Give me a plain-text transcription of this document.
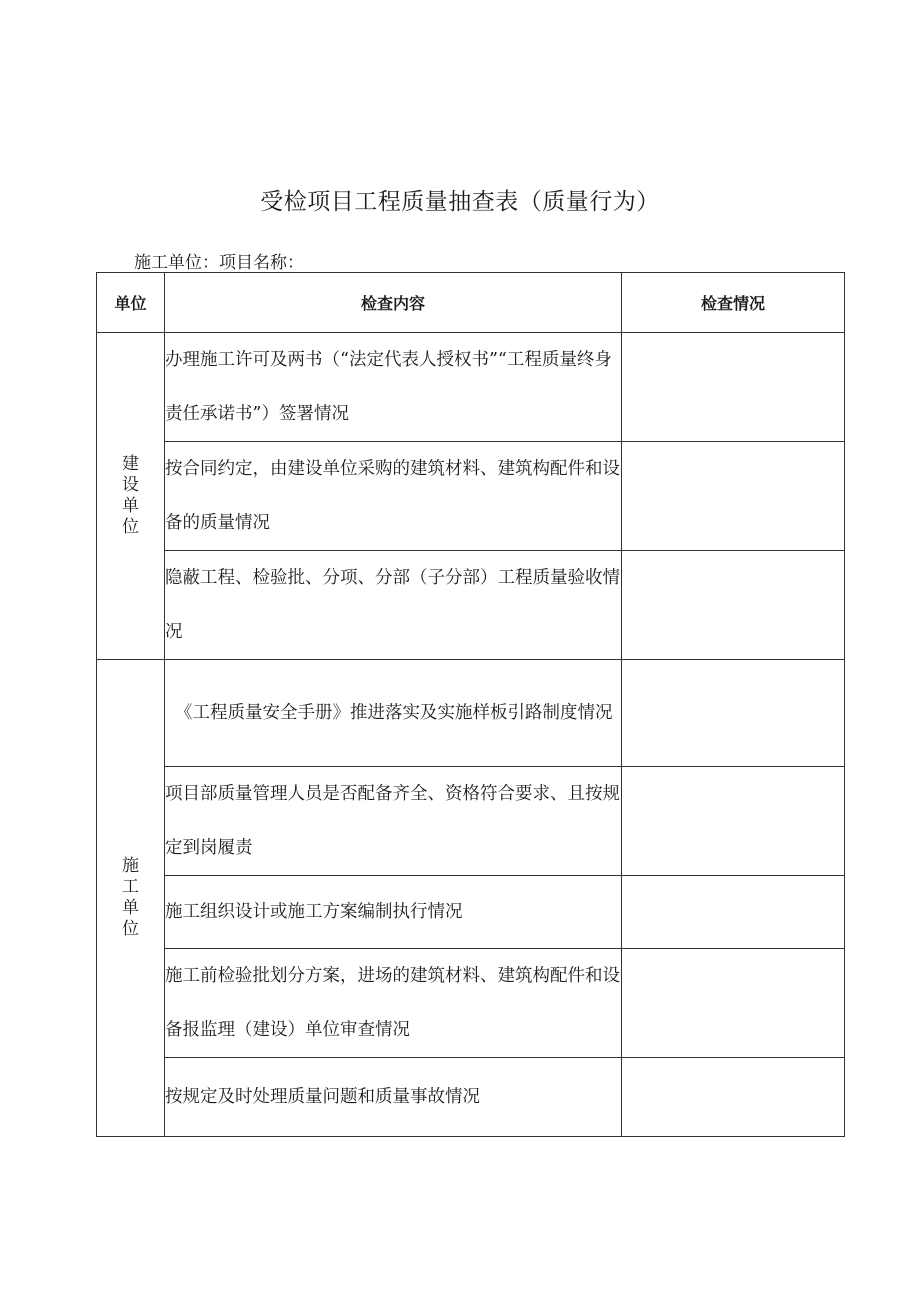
受检项目工程质量抽查表（质量行为）
施工单位：项目名称：
单位	检查内容	检查情况
建设单位	办理施工许可及两书（“法定代表人授权书”“工程质量终身责任承诺书”）签署情况	
	按合同约定，由建设单位采购的建筑材料、建筑构配件和设备的质量情况	
	隐蔽工程、检验批、分项、分部（子分部）工程质量验收情况	
施工单位	《工程质量安全手册》推进落实及实施样板引路制度情况	
	项目部质量管理人员是否配备齐全、资格符合要求、且按规定到岗履责	
	施工组织设计或施工方案编制执行情况	
	施工前检验批划分方案，进场的建筑材料、建筑构配件和设备报监理（建设）单位审查情况	
	按规定及时处理质量问题和质量事故情况	
